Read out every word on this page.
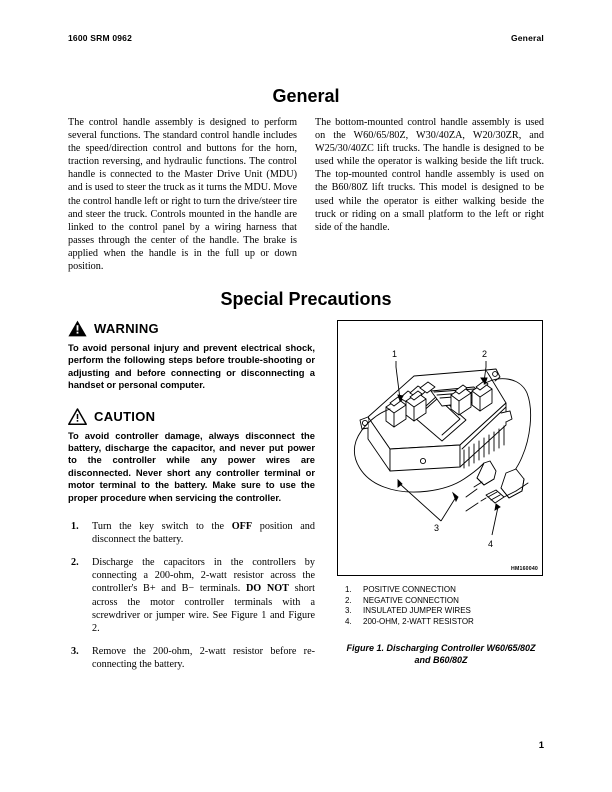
1600 SRM 0962	General
General

The control handle assembly is designed to perform several functions. The standard control handle includes the speed/direction control and buttons for the horn, traction reversing, and hydraulic functions. The control handle is connected to the Master Drive Unit (MDU) and is used to steer the truck as it turns the MDU. Move the control handle left or right to turn the drive/steer tire and steer the truck. Controls mounted in the handle are linked to the control panel by a wiring harness that passes through the center of the handle. The brake is applied when the handle is in the full up or down position.

The bottom-mounted control handle assembly is used on the W60/65/80Z, W30/40ZA, W20/30ZR, and W25/30/40ZC lift trucks. The handle is designed to be used while the operator is walking beside the lift truck. The top-mounted control handle assembly is used on the B60/80Z lift trucks. This model is designed to be used while the operator is either walking beside the truck or riding on a small platform to the left or right side of the handle.

Special Precautions
WARNING

To avoid personal injury and prevent electrical shock, perform the following steps before trouble-shooting or adjusting and before connecting or disconnecting a handset or personal computer.

CAUTION

To avoid controller damage, always disconnect the battery, discharge the capacitor, and never put power to the controller while any power wires are disconnected. Never short any controller terminal or motor terminal to the battery. Make sure to use the proper procedure when servicing the controller.

1. Turn the key switch to the OFF position and disconnect the battery.
2. Discharge the capacitors in the controllers by connecting a 200-ohm, 2-watt resistor across the controller's B+ and B− terminals. DO NOT short across the motor controller terminals with a screwdriver or jumper wire. See Figure 1 and Figure 2.
3. Remove the 200-ohm, 2-watt resistor before re-connecting the battery.
1	2
3
4
HM160040
1.	POSITIVE CONNECTION
2.	NEGATIVE CONNECTION
3.	INSULATED JUMPER WIRES
4.	200-OHM, 2-WATT RESISTOR
Figure 1. Discharging Controller W60/65/80Z and B60/80Z
1
